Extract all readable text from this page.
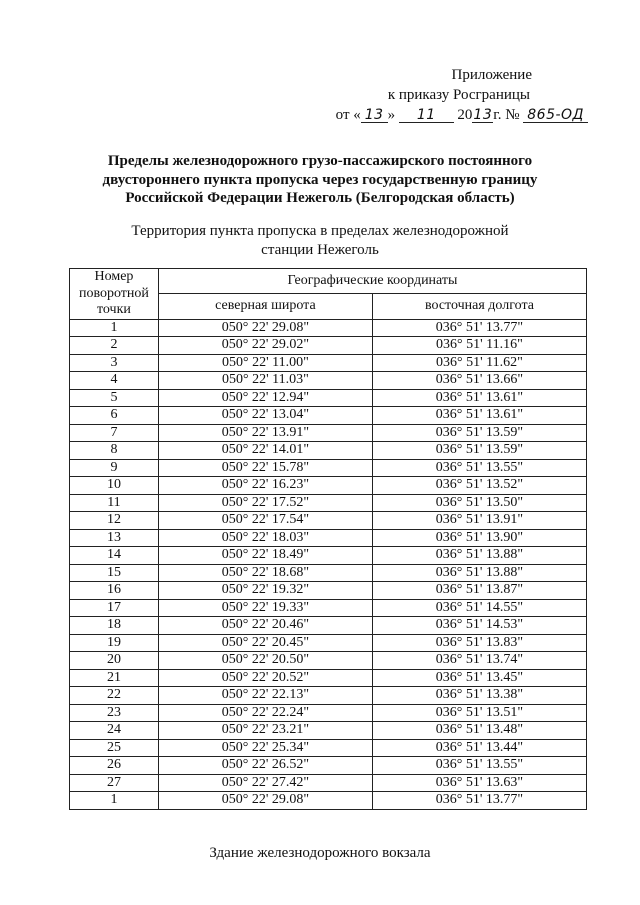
Приложение
к приказу Росграницы
от « 13 » 11 2013г. № 865-ОД
Пределы железнодорожного грузо-пассажирского постоянного
двустороннего пункта пропуска через государственную границу
Российской Федерации Нежеголь (Белгородская область)
Территория пункта пропуска в пределах железнодорожной
станции Нежеголь
Номер
поворотной
точки	Географические координаты	
	северная широта	восточная долгота
1	050° 22' 29.08"	036° 51' 13.77"
2	050° 22' 29.02"	036° 51' 11.16"
3	050° 22' 11.00"	036° 51' 11.62"
4	050° 22' 11.03"	036° 51' 13.66"
5	050° 22' 12.94"	036° 51' 13.61"
6	050° 22' 13.04"	036° 51' 13.61"
7	050° 22' 13.91"	036° 51' 13.59"
8	050° 22' 14.01"	036° 51' 13.59"
9	050° 22' 15.78"	036° 51' 13.55"
10	050° 22' 16.23"	036° 51' 13.52"
11	050° 22' 17.52"	036° 51' 13.50"
12	050° 22' 17.54"	036° 51' 13.91"
13	050° 22' 18.03"	036° 51' 13.90"
14	050° 22' 18.49"	036° 51' 13.88"
15	050° 22' 18.68"	036° 51' 13.88"
16	050° 22' 19.32"	036° 51' 13.87"
17	050° 22' 19.33"	036° 51' 14.55"
18	050° 22' 20.46"	036° 51' 14.53"
19	050° 22' 20.45"	036° 51' 13.83"
20	050° 22' 20.50"	036° 51' 13.74"
21	050° 22' 20.52"	036° 51' 13.45"
22	050° 22' 22.13"	036° 51' 13.38"
23	050° 22' 22.24"	036° 51' 13.51"
24	050° 22' 23.21"	036° 51' 13.48"
25	050° 22' 25.34"	036° 51' 13.44"
26	050° 22' 26.52"	036° 51' 13.55"
27	050° 22' 27.42"	036° 51' 13.63"
1	050° 22' 29.08"	036° 51' 13.77"
Здание железнодорожного вокзала
